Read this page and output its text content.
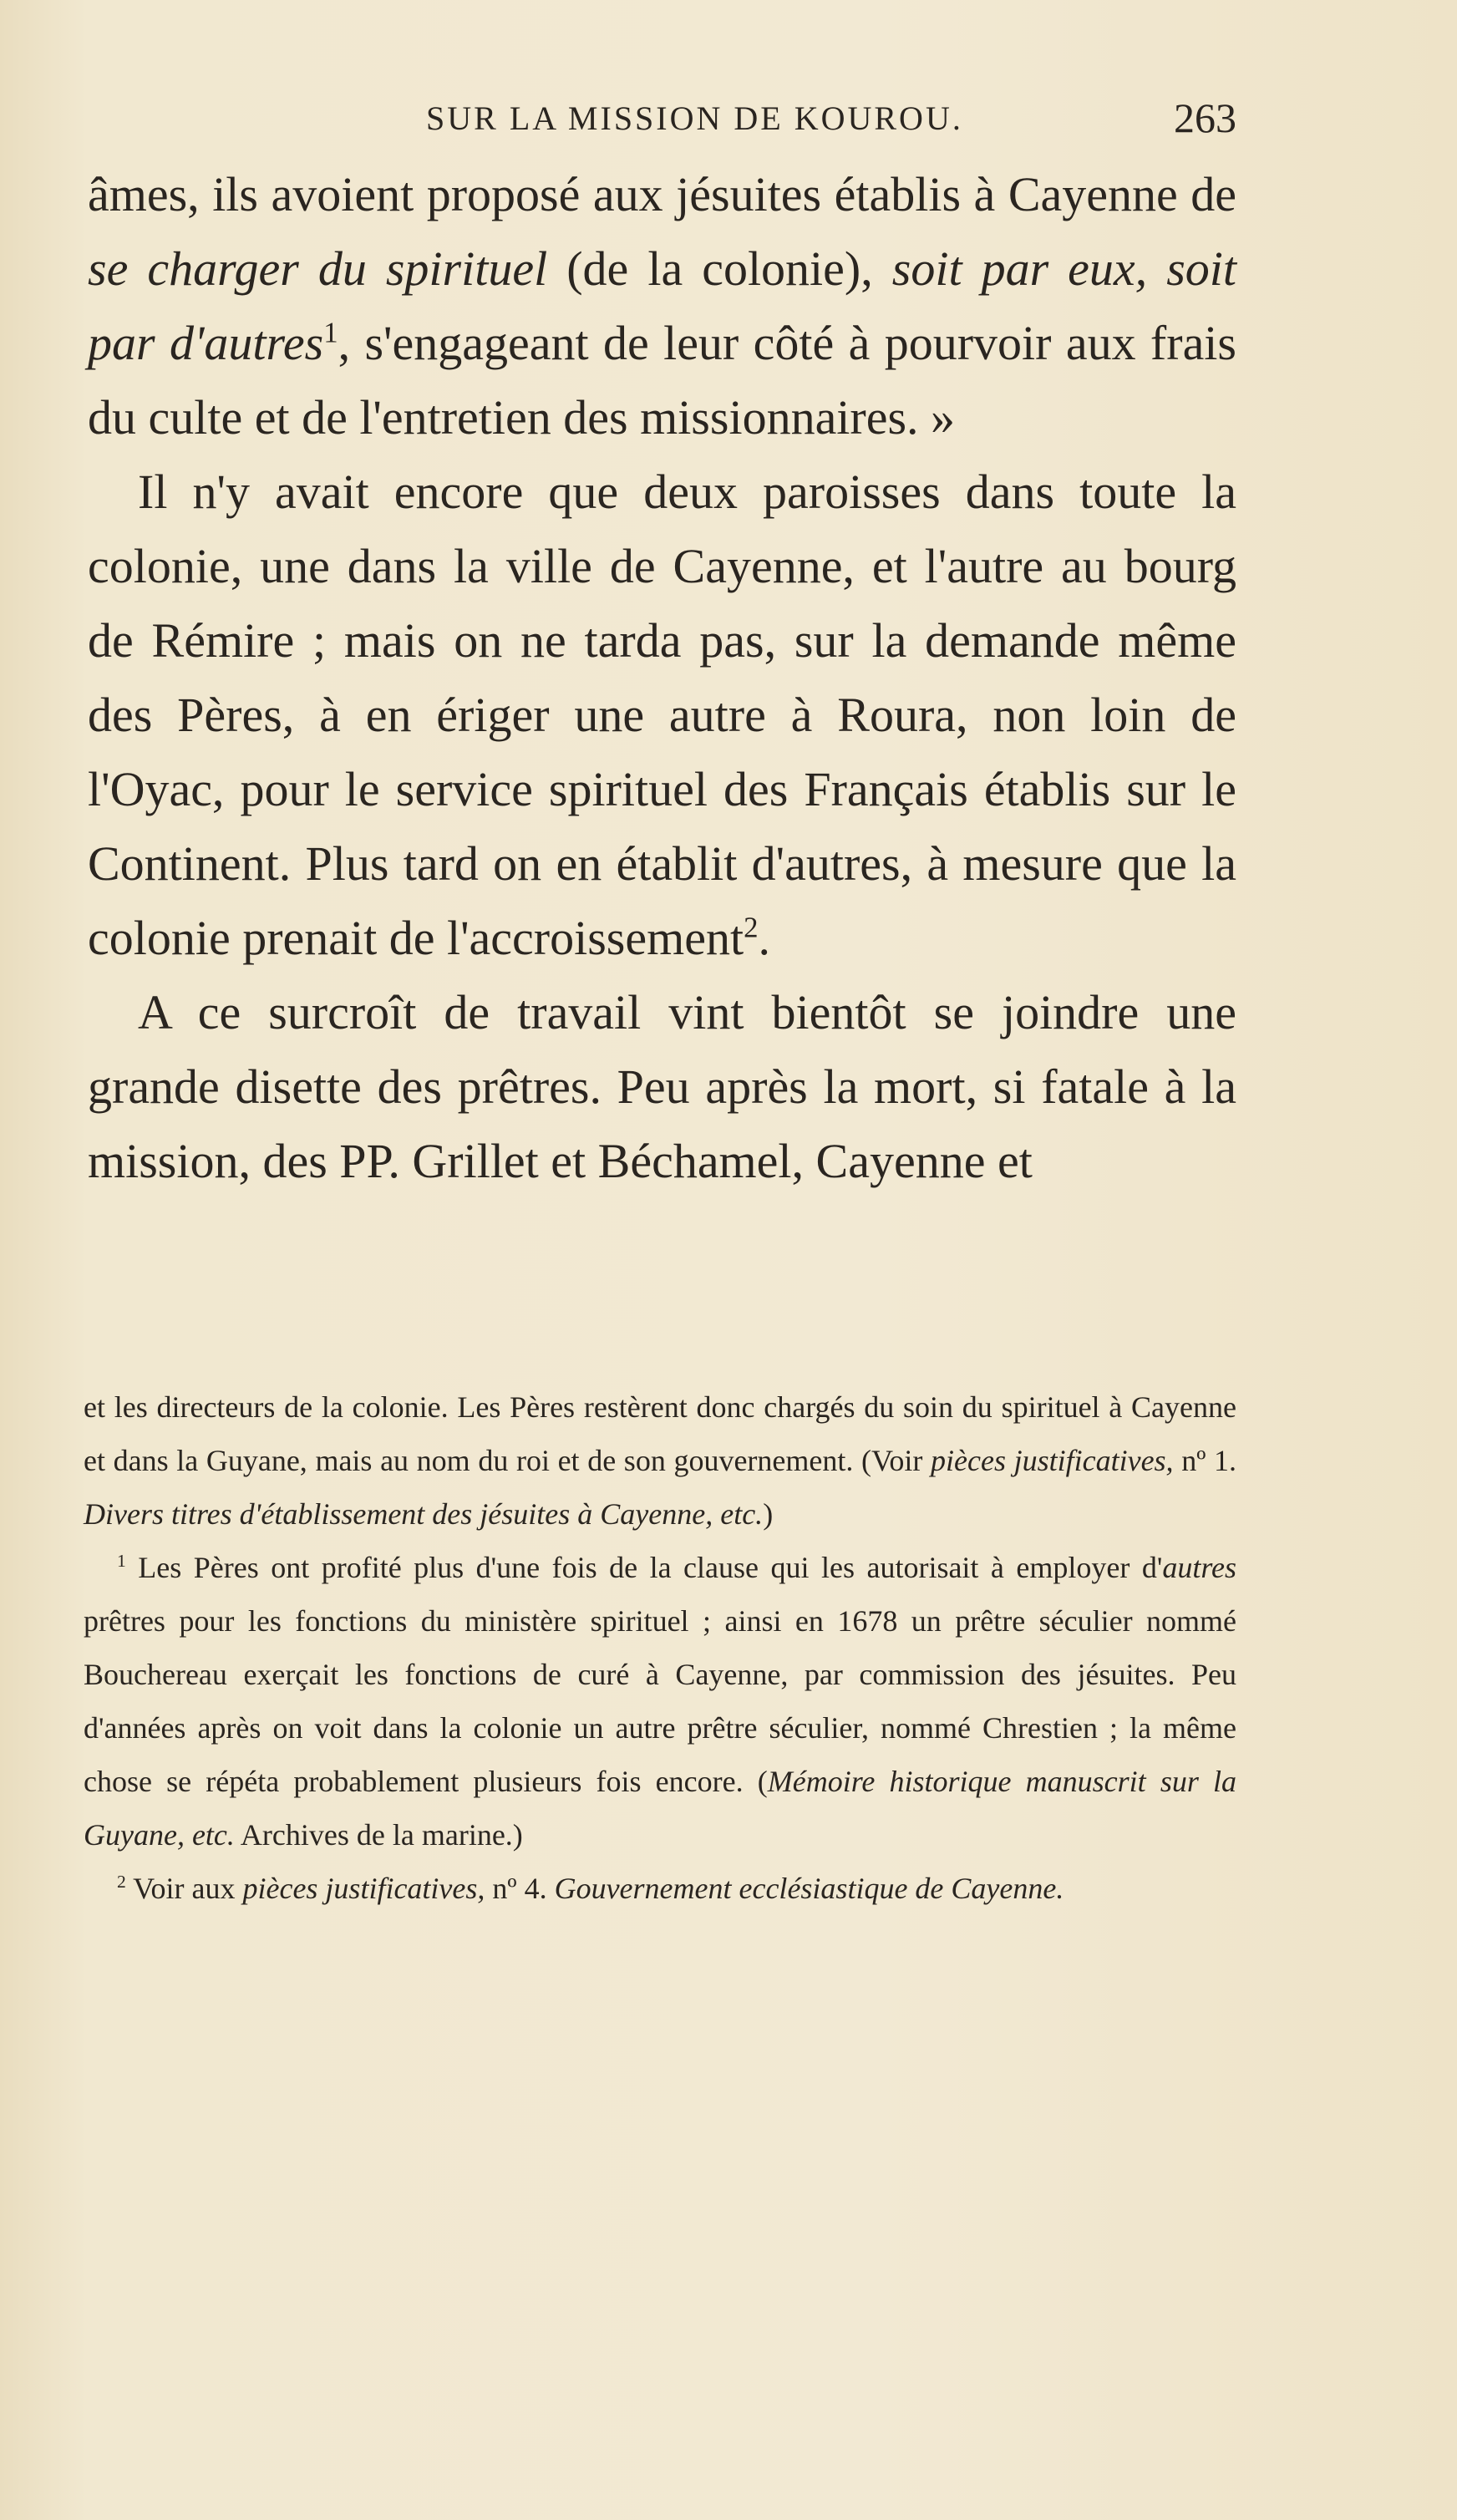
SUR LA MISSION DE KOUROU.	263

âmes, ils avoient proposé aux jésuites établis à Cayenne de se charger du spirituel (de la colonie), soit par eux, soit par d'autres$^1$, s'engageant de leur côté à pourvoir aux frais du culte et de l'entretien des missionnaires. »

Il n'y avait encore que deux paroisses dans toute la colonie, une dans la ville de Cayenne, et l'autre au bourg de Rémire ; mais on ne tarda pas, sur la demande même des Pères, à en ériger une autre à Roura, non loin de l'Oyac, pour le service spirituel des Français établis sur le Continent. Plus tard on en établit d'autres, à mesure que la colonie prenait de l'accroissement$^2$.

A ce surcroît de travail vint bientôt se joindre une grande disette des prêtres. Peu après la mort, si fatale à la mission, des PP. Grillet et Béchamel, Cayenne et

et les directeurs de la colonie. Les Pères restèrent donc chargés du soin du spirituel à Cayenne et dans la Guyane, mais au nom du roi et de son gouvernement. (Voir pièces justificatives, nº 1. Divers titres d'établissement des jésuites à Cayenne, etc.)

$^1$ Les Pères ont profité plus d'une fois de la clause qui les autorisait à employer d'autres prêtres pour les fonctions du ministère spirituel ; ainsi en 1678 un prêtre séculier nommé Bouchereau exerçait les fonctions de curé à Cayenne, par commission des jésuites. Peu d'années après on voit dans la colonie un autre prêtre séculier, nommé Chrestien ; la même chose se répéta probablement plusieurs fois encore. (Mémoire historique manuscrit sur la Guyane, etc. Archives de la marine.)

$^2$ Voir aux pièces justificatives, nº 4. Gouvernement ecclésiastique de Cayenne.
